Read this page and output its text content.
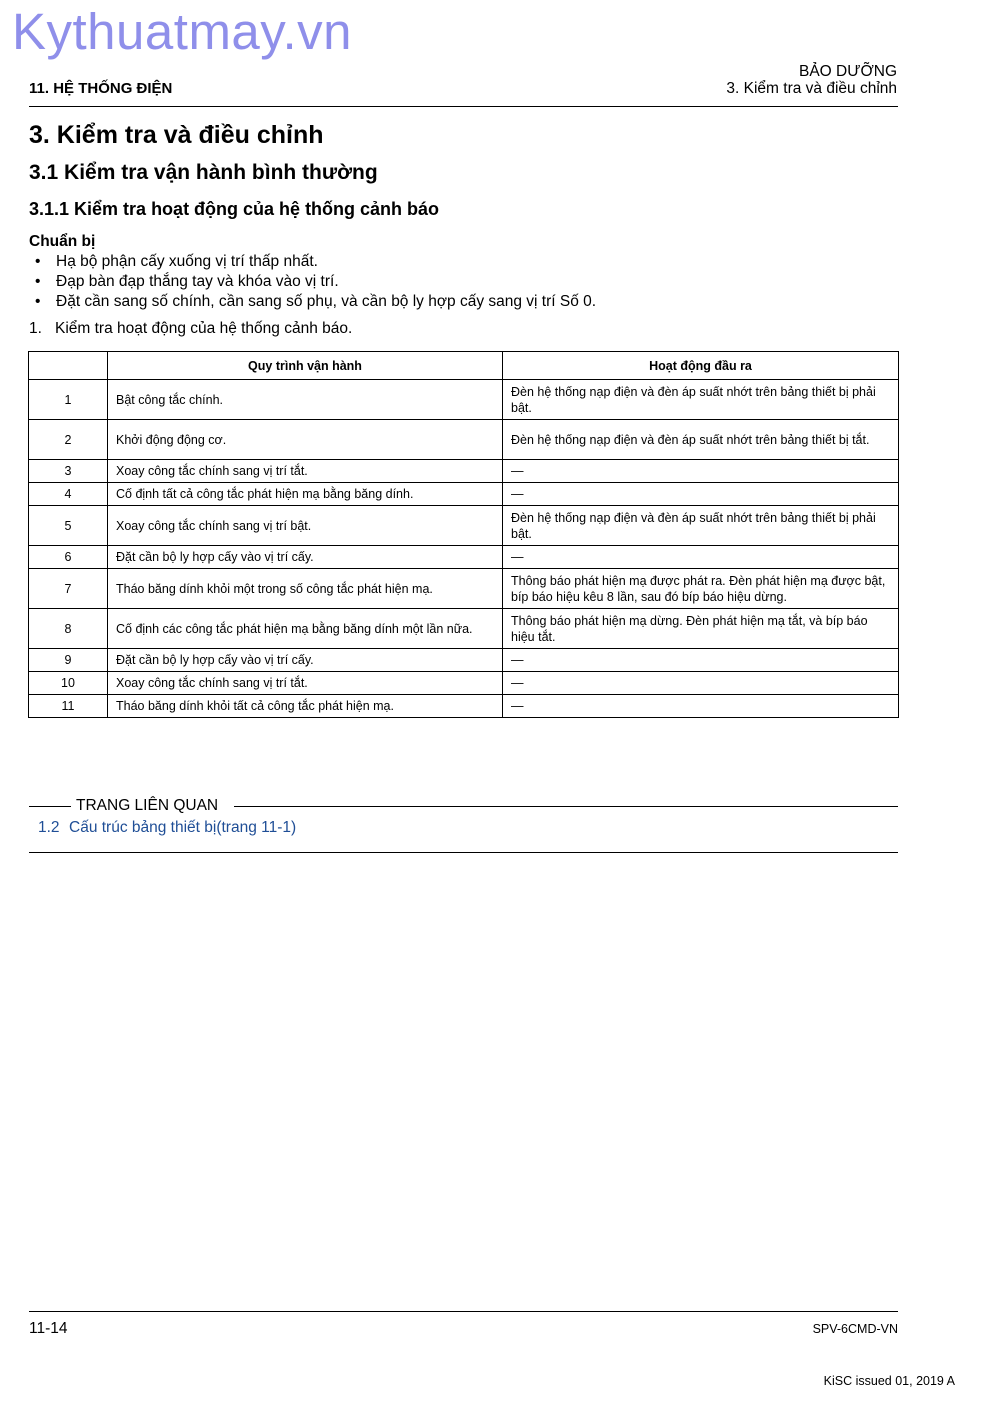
Kythuatmay.vn
11. HỆ THỐNG ĐIỆN
BẢO DƯỠNG
3. Kiểm tra và điều chỉnh
3. Kiểm tra và điều chỉnh
3.1 Kiểm tra vận hành bình thường
3.1.1 Kiểm tra hoạt động của hệ thống cảnh báo
Chuẩn bị
• Hạ bộ phận cấy xuống vị trí thấp nhất.
• Đạp bàn đạp thắng tay và khóa vào vị trí.
• Đặt cần sang số chính, cần sang số phụ, và cần bộ ly hợp cấy sang vị trí Số 0.
1. Kiểm tra hoạt động của hệ thống cảnh báo.
	Quy trình vận hành	Hoạt động đầu ra
1	Bật công tắc chính.	Đèn hệ thống nạp điện và đèn áp suất nhớt trên bảng thiết bị phải bật.
2	Khởi động động cơ.	Đèn hệ thống nạp điện và đèn áp suất nhớt trên bảng thiết bị tắt.
3	Xoay công tắc chính sang vị trí tắt.	—
4	Cố định tất cả công tắc phát hiện mạ bằng băng dính.	—
5	Xoay công tắc chính sang vị trí bật.	Đèn hệ thống nạp điện và đèn áp suất nhớt trên bảng thiết bị phải bật.
6	Đặt cần bộ ly hợp cấy vào vị trí cấy.	—
7	Tháo băng dính khỏi một trong số công tắc phát hiện mạ.	Thông báo phát hiện mạ được phát ra. Đèn phát hiện mạ được bật, bíp báo hiệu kêu 8 lần, sau đó bíp báo hiệu dừng.
8	Cố định các công tắc phát hiện mạ bằng băng dính một lần nữa.	Thông báo phát hiện mạ dừng. Đèn phát hiện mạ tắt, và bíp báo hiệu tắt.
9	Đặt cần bộ ly hợp cấy vào vị trí cấy.	—
10	Xoay công tắc chính sang vị trí tắt.	—
11	Tháo băng dính khỏi tất cả công tắc phát hiện mạ.	—
TRANG LIÊN QUAN
1.2 Cấu trúc bảng thiết bị(trang 11-1)
11-14	SPV-6CMD-VN
KiSC issued 01, 2019 A
